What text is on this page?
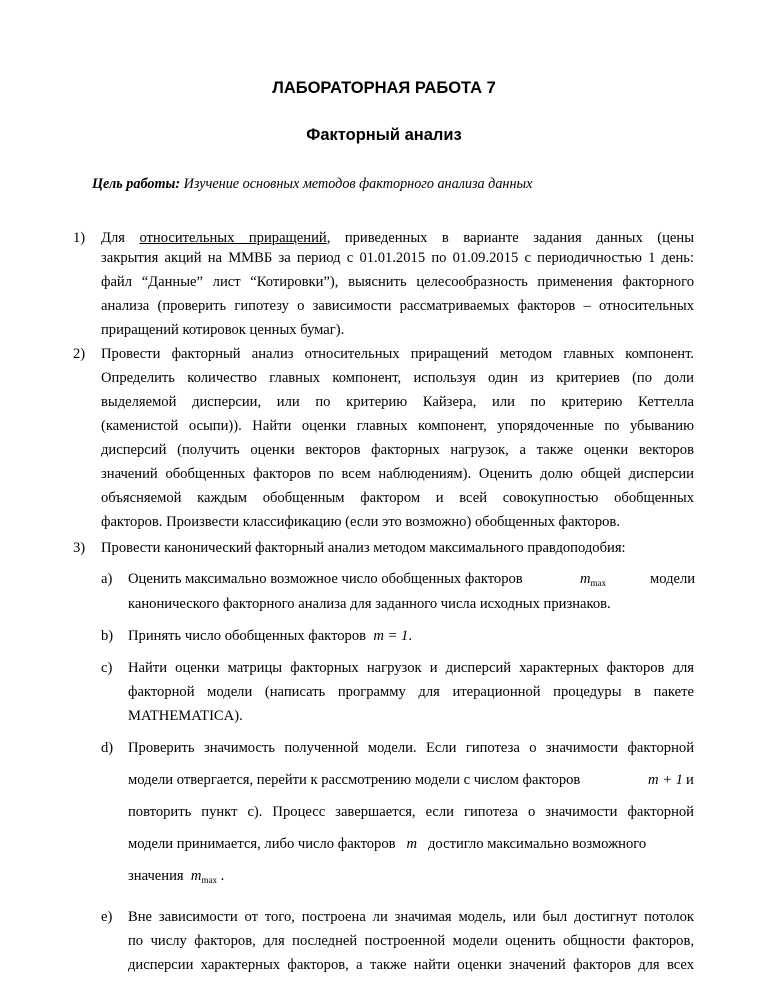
ЛАБОРАТОРНАЯ РАБОТА 7
Факторный анализ
Цель работы: Изучение основных методов факторного анализа данных
1) Для относительных приращений, приведенных в варианте задания данных (цены
закрытия акций на ММВБ за период с 01.01.2015 по 01.09.2015 с периодичностью 1 день:
файл “Данные” лист “Котировки”), выяснить целесообразность применения факторного
анализа (проверить гипотезу о зависимости рассматриваемых факторов – относительных
приращений котировок ценных бумаг).
2) Провести факторный анализ относительных приращений методом главных компонент.
Определить количество главных компонент, используя один из критериев (по доли
выделяемой дисперсии, или по критерию Кайзера, или по критерию Кеттелла
(каменистой осыпи)). Найти оценки главных компонент, упорядоченные по убыванию
дисперсий (получить оценки векторов факторных нагрузок, а также оценки векторов
значений обобщенных факторов по всем наблюдениям). Оценить долю общей дисперсии
объясняемой каждым обобщенным фактором и всей совокупностью обобщенных
факторов. Произвести классификацию (если это возможно) обобщенных факторов.
3) Провести канонический факторный анализ методом максимального правдоподобия:
a) Оценить максимально возможное число обобщенных факторов	$m_{max}$	модели
канонического факторного анализа для заданного числа исходных признаков.
b) Принять число обобщенных факторов m = 1.
c) Найти оценки матрицы факторных нагрузок и дисперсий характерных факторов для
факторной модели (написать программу для итерационной процедуры в пакете
MATHEMATICA).
d) Проверить значимость полученной модели. Если гипотеза о значимости факторной
модели отвергается, перейти к рассмотрению модели с числом факторов	m + 1 и
повторить пункт c). Процесс завершается, если гипотеза о значимости факторной
модели принимается, либо число факторов m достигло максимально возможного
значения $m_{max}$ .
e) Вне зависимости от того, построена ли значимая модель, или был достигнут потолок
по числу факторов, для последней построенной модели оценить общности факторов,
дисперсии характерных факторов, а также найти оценки значений факторов для всех
